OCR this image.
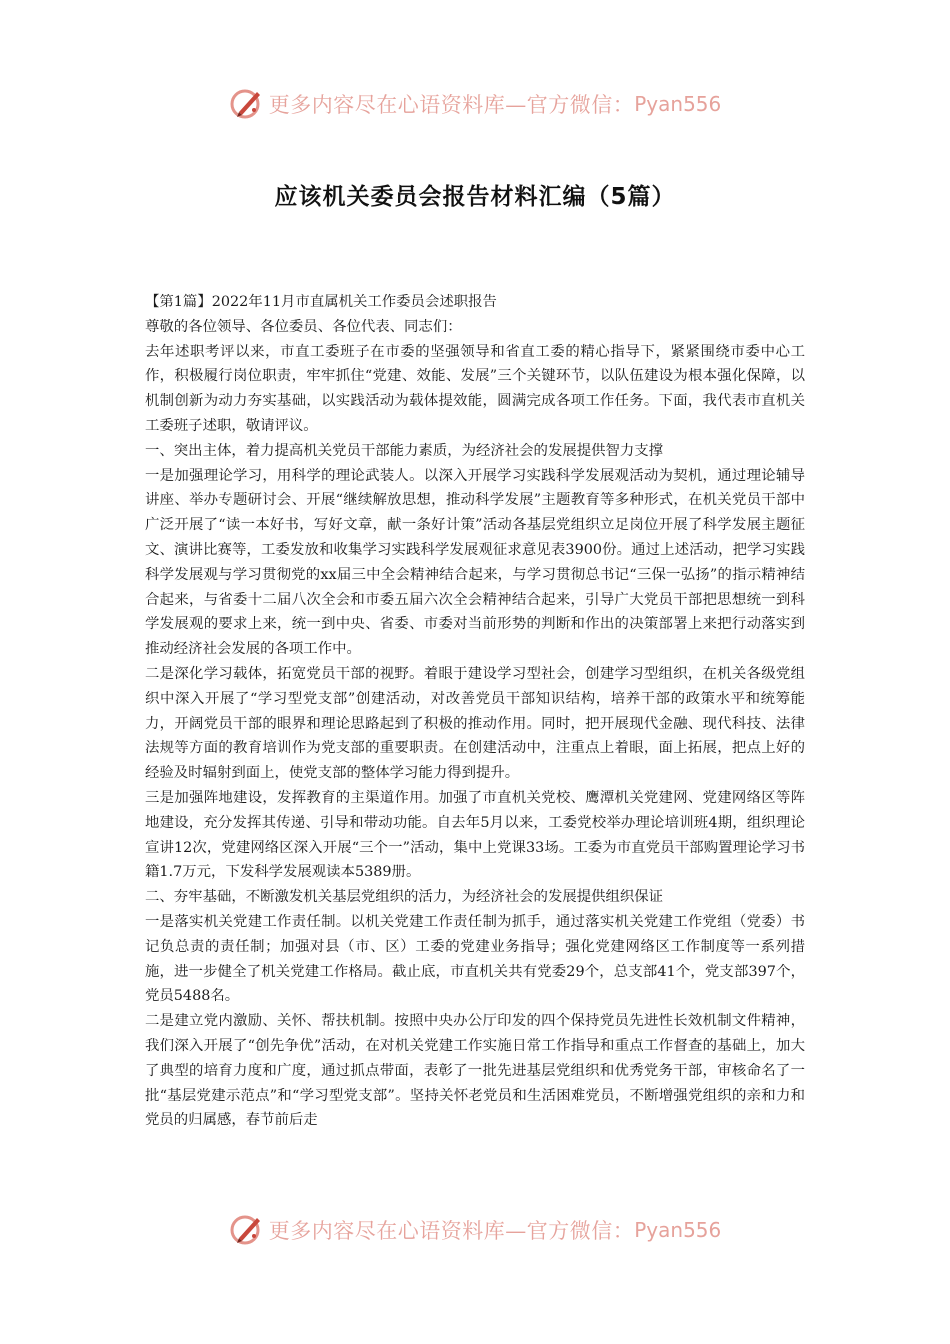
更多内容尽在心语资料库—官方微信： Pyan556
应该机关委员会报告材料汇编（5篇）

【第1篇】2022年11月市直属机关工作委员会述职报告

尊敬的各位领导、各位委员、各位代表、同志们：

去年述职考评以来，市直工委班子在市委的坚强领导和省直工委的精心指导下，紧紧围绕市委中心工作，积极履行岗位职责，牢牢抓住“党建、效能、发展”三个关键环节，以队伍建设为根本强化保障，以机制创新为动力夯实基础，以实践活动为载体提效能，圆满完成各项工作任务。下面，我代表市直机关工委班子述职，敬请评议。

一、突出主体，着力提高机关党员干部能力素质，为经济社会的发展提供智力支撑

一是加强理论学习，用科学的理论武装人。以深入开展学习实践科学发展观活动为契机，通过理论辅导讲座、举办专题研讨会、开展“继续解放思想，推动科学发展”主题教育等多种形式，在机关党员干部中广泛开展了“读一本好书，写好文章，献一条好计策”活动各基层党组织立足岗位开展了科学发展主题征文、演讲比赛等，工委发放和收集学习实践科学发展观征求意见表3900份。通过上述活动，把学习实践科学发展观与学习贯彻党的xx届三中全会精神结合起来，与学习贯彻总书记“三保一弘扬”的指示精神结合起来，与省委十二届八次全会和市委五届六次全会精神结合起来，引导广大党员干部把思想统一到科学发展观的要求上来，统一到中央、省委、市委对当前形势的判断和作出的决策部署上来把行动落实到推动经济社会发展的各项工作中。

二是深化学习载体，拓宽党员干部的视野。着眼于建设学习型社会，创建学习型组织，在机关各级党组织中深入开展了“学习型党支部”创建活动，对改善党员干部知识结构，培养干部的政策水平和统筹能力，开阔党员干部的眼界和理论思路起到了积极的推动作用。同时，把开展现代金融、现代科技、法律法规等方面的教育培训作为党支部的重要职责。在创建活动中，注重点上着眼，面上拓展，把点上好的经验及时辐射到面上，使党支部的整体学习能力得到提升。

三是加强阵地建设，发挥教育的主渠道作用。加强了市直机关党校、鹰潭机关党建网、党建网络区等阵地建设，充分发挥其传递、引导和带动功能。自去年5月以来，工委党校举办理论培训班4期，组织理论宣讲12次，党建网络区深入开展“三个一”活动，集中上党课33场。工委为市直党员干部购置理论学习书籍1.7万元，下发科学发展观读本5389册。

二、夯牢基础，不断激发机关基层党组织的活力，为经济社会的发展提供组织保证

一是落实机关党建工作责任制。以机关党建工作责任制为抓手，通过落实机关党建工作党组（党委）书记负总责的责任制；加强对县（市、区）工委的党建业务指导；强化党建网络区工作制度等一系列措施，进一步健全了机关党建工作格局。截止底，市直机关共有党委29个，总支部41个，党支部397个，党员5488名。

二是建立党内激励、关怀、帮扶机制。按照中央办公厅印发的四个保持党员先进性长效机制文件精神，我们深入开展了“创先争优”活动，在对机关党建工作实施日常工作指导和重点工作督查的基础上，加大了典型的培育力度和广度，通过抓点带面，表彰了一批先进基层党组织和优秀党务干部，审核命名了一批“基层党建示范点”和“学习型党支部”。坚持关怀老党员和生活困难党员，不断增强党组织的亲和力和党员的归属感，春节前后走

更多内容尽在心语资料库—官方微信： Pyan556
